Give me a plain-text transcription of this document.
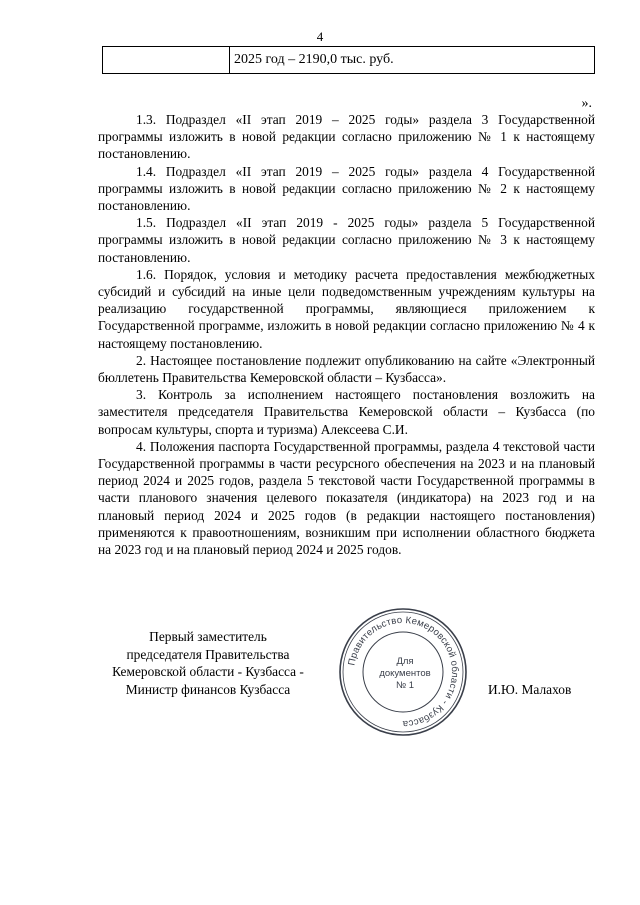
4
	2025 год – 2190,0 тыс. руб.
».

1.3. Подраздел «II этап 2019 – 2025 годы» раздела 3 Государственной программы изложить в новой редакции согласно приложению № 1 к настоящему постановлению.

1.4. Подраздел «II этап 2019 – 2025 годы» раздела 4 Государственной программы изложить в новой редакции согласно приложению № 2 к настоящему постановлению.

1.5. Подраздел «II этап 2019 - 2025 годы» раздела 5 Государственной программы изложить в новой редакции согласно приложению № 3 к настоящему постановлению.

1.6. Порядок, условия и методику расчета предоставления межбюджетных субсидий и субсидий на иные цели подведомственным учреждениям культуры на реализацию государственной программы, являющиеся приложением к Государственной программе, изложить в новой редакции согласно приложению № 4 к настоящему постановлению.

2. Настоящее постановление подлежит опубликованию на сайте «Электронный бюллетень Правительства Кемеровской области – Кузбасса».

3. Контроль за исполнением настоящего постановления возложить на заместителя председателя Правительства Кемеровской области – Кузбасса (по вопросам культуры, спорта и туризма) Алексеева С.И.

4. Положения паспорта Государственной программы, раздела 4 текстовой части Государственной программы в части ресурсного обеспечения на 2023 и на плановый период 2024 и 2025 годов, раздела 5 текстовой части Государственной программы в части планового значения целевого показателя (индикатора) на 2023 год и на плановый период 2024 и 2025 годов (в редакции настоящего постановления) применяются к правоотношениям, возникшим при исполнении областного бюджета на 2023 год и на плановый период 2024 и 2025 годов.

Первый заместитель
председателя Правительства
Кемеровской области - Кузбасса -
Министр финансов Кузбасса
Правительство Кемеровской области - Кузбасса
Для
документов
№ 1	И.Ю. Малахов
